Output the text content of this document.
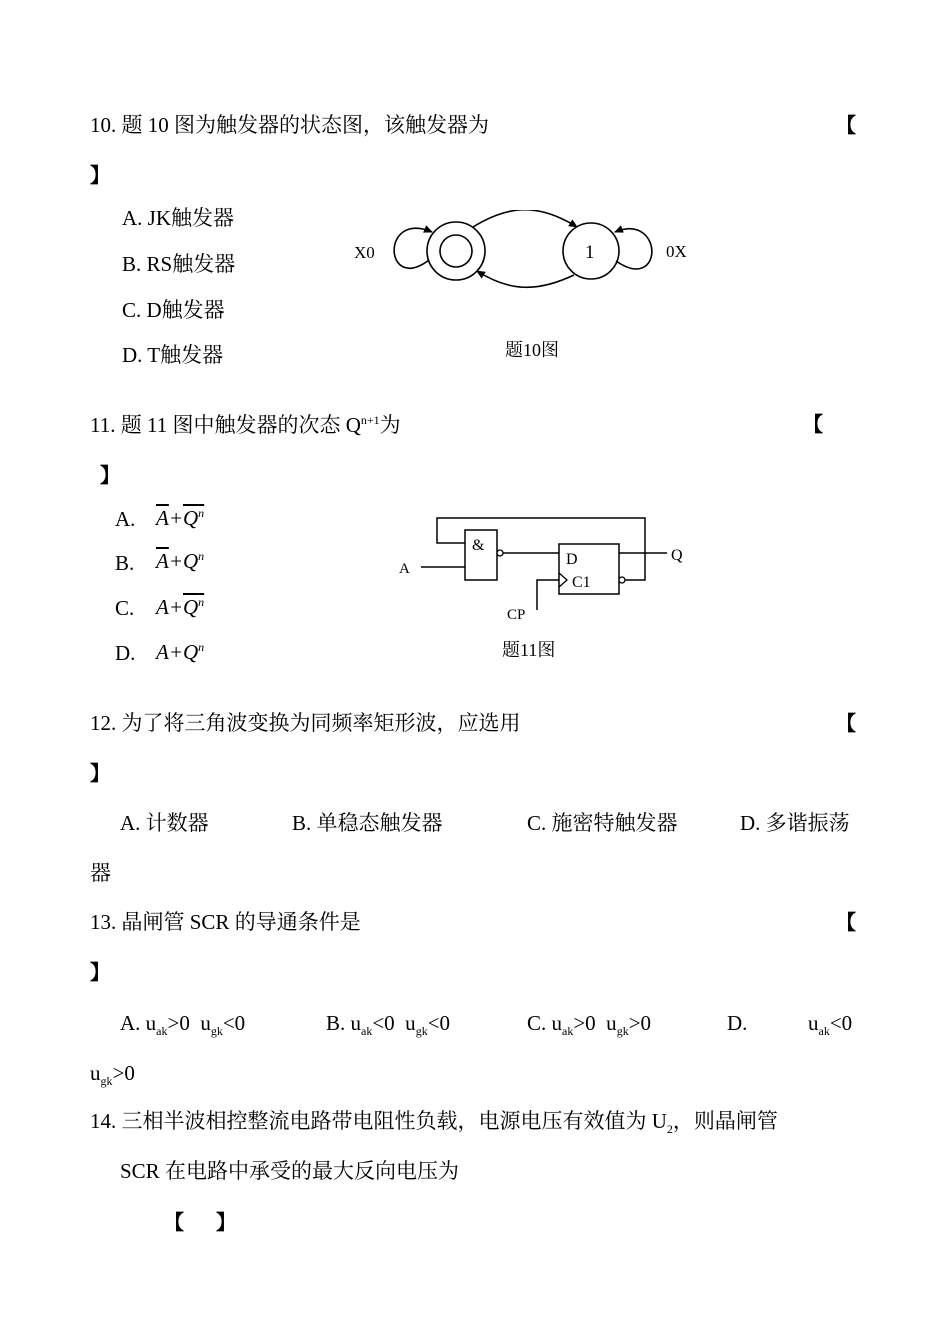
10. 题 10 图为触发器的状态图，该触发器为	【
】
A. JK触发器
B. RS触发器
C. D触发器
D. T触发器
X0	1	0X
题10图
11. 题 11 图中触发器的次态 $Q^{n+1}$为	【
】
A. $\overline{A}+Q^n$
B. $\overline{A}+Q^n$
C. $A+Q^n$
D. $A+Q^n$
&
A
D
C1
Q
CP
题11图
12. 为了将三角波变换为同频率矩形波，应选用	【
】
A. 计数器	B. 单稳态触发器	C. 施密特触发器	D. 多谐振荡
器
13. 晶闸管 SCR 的导通条件是	【
】
A. $u_{ak}>0$  $u_{gk}<0$	B. $u_{ak}<0$  $u_{gk}<0$	C. $u_{ak}>0$  $u_{gk}>0$	D.	$u_{ak}<0$
$u_{gk}>0$
14. 三相半波相控整流电路带电阻性负载，电源电压有效值为 $U_2$，则晶闸管
SCR 在电路中承受的最大反向电压为
【 】
